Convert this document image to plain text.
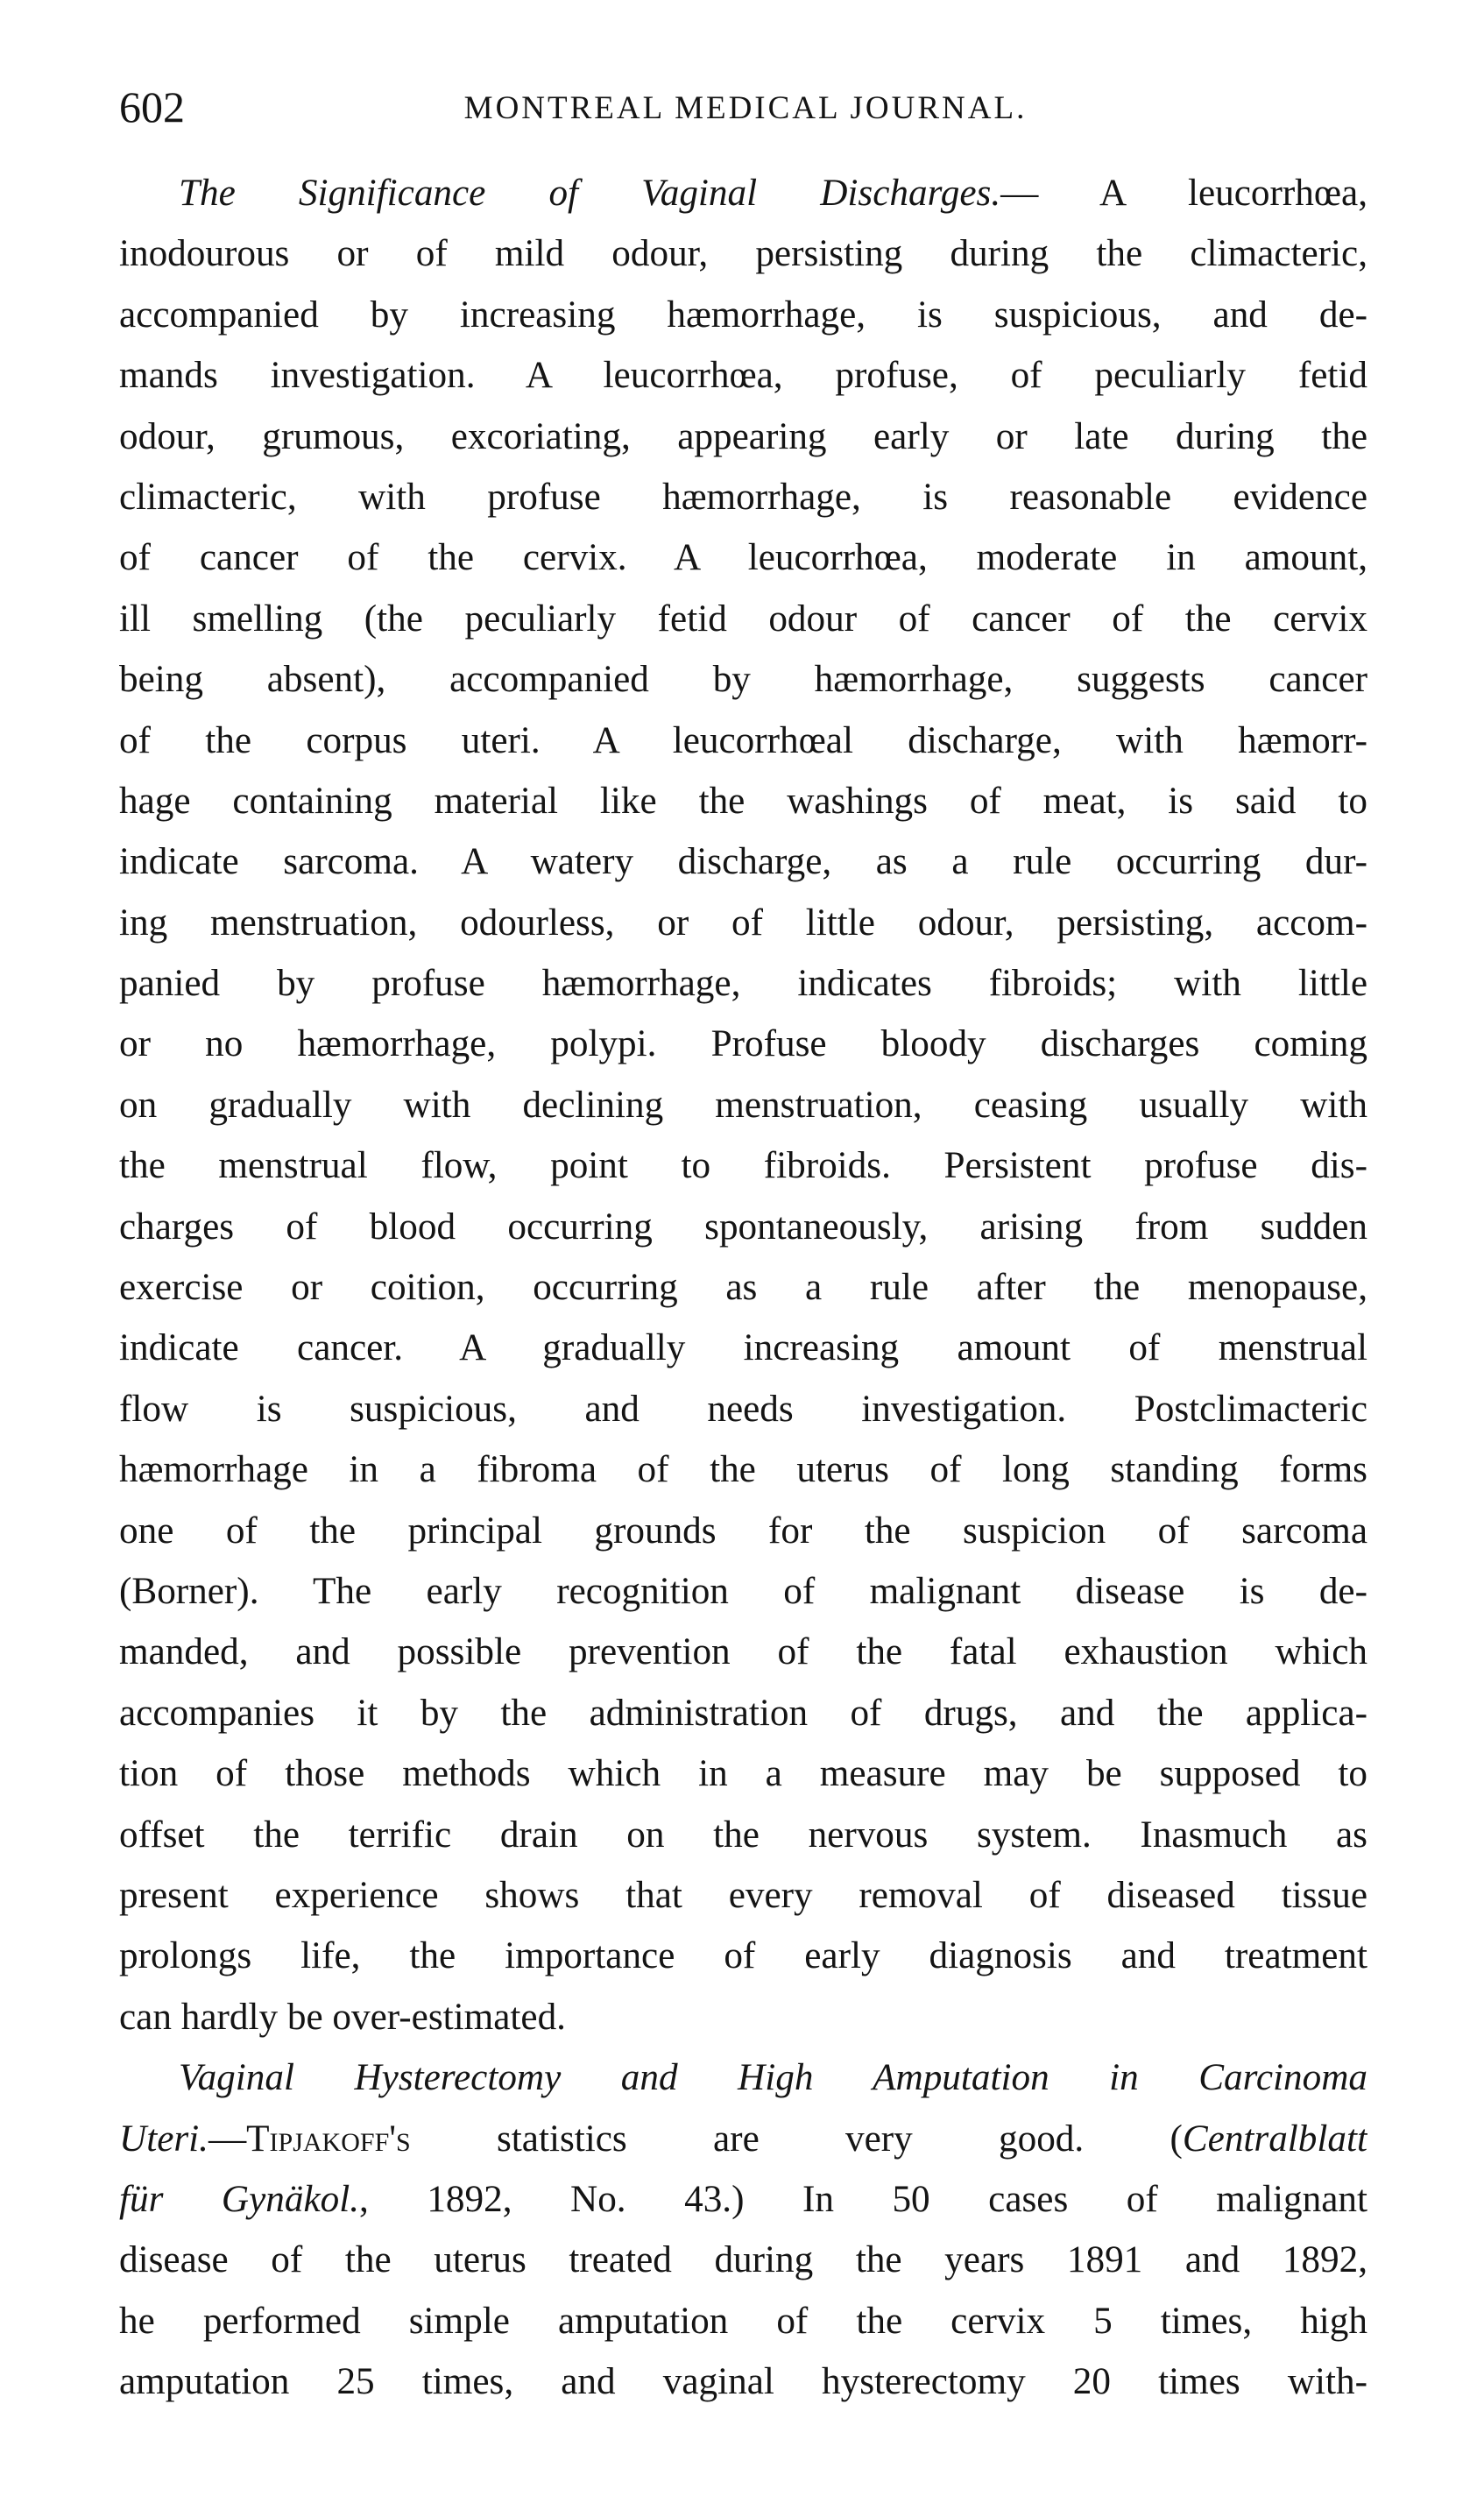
602	MONTREAL MEDICAL JOURNAL.
The Significance of Vaginal Discharges.— A leucorrhœa,
inodourous or of mild odour, persisting during the climacteric,
accompanied by increasing hæmorrhage, is suspicious, and de-
mands investigation. A leucorrhœa, profuse, of peculiarly fetid
odour, grumous, excoriating, appearing early or late during the
climacteric, with profuse hæmorrhage, is reasonable evidence
of cancer of the cervix. A leucorrhœa, moderate in amount,
ill smelling (the peculiarly fetid odour of cancer of the cervix
being absent), accompanied by hæmorrhage, suggests cancer
of the corpus uteri. A leucorrhœal discharge, with hæmorr-
hage containing material like the washings of meat, is said to
indicate sarcoma. A watery discharge, as a rule occurring dur-
ing menstruation, odourless, or of little odour, persisting, accom-
panied by profuse hæmorrhage, indicates fibroids; with little
or no hæmorrhage, polypi. Profuse bloody discharges coming
on gradually with declining menstruation, ceasing usually with
the menstrual flow, point to fibroids. Persistent profuse dis-
charges of blood occurring spontaneously, arising from sudden
exercise or coition, occurring as a rule after the menopause,
indicate cancer. A gradually increasing amount of menstrual
flow is suspicious, and needs investigation. Postclimacteric
hæmorrhage in a fibroma of the uterus of long standing forms
one of the principal grounds for the suspicion of sarcoma
(Borner). The early recognition of malignant disease is de-
manded, and possible prevention of the fatal exhaustion which
accompanies it by the administration of drugs, and the applica-
tion of those methods which in a measure may be supposed to
offset the terrific drain on the nervous system. Inasmuch as
present experience shows that every removal of diseased tissue
prolongs life, the importance of early diagnosis and treatment
can hardly be over-estimated.
Vaginal Hysterectomy and High Amputation in Carcinoma
Uteri.—Tipjakoff's statistics are very good. (Centralblatt
für Gynäkol., 1892, No. 43.) In 50 cases of malignant
disease of the uterus treated during the years 1891 and 1892,
he performed simple amputation of the cervix 5 times, high
amputation 25 times, and vaginal hysterectomy 20 times with-
